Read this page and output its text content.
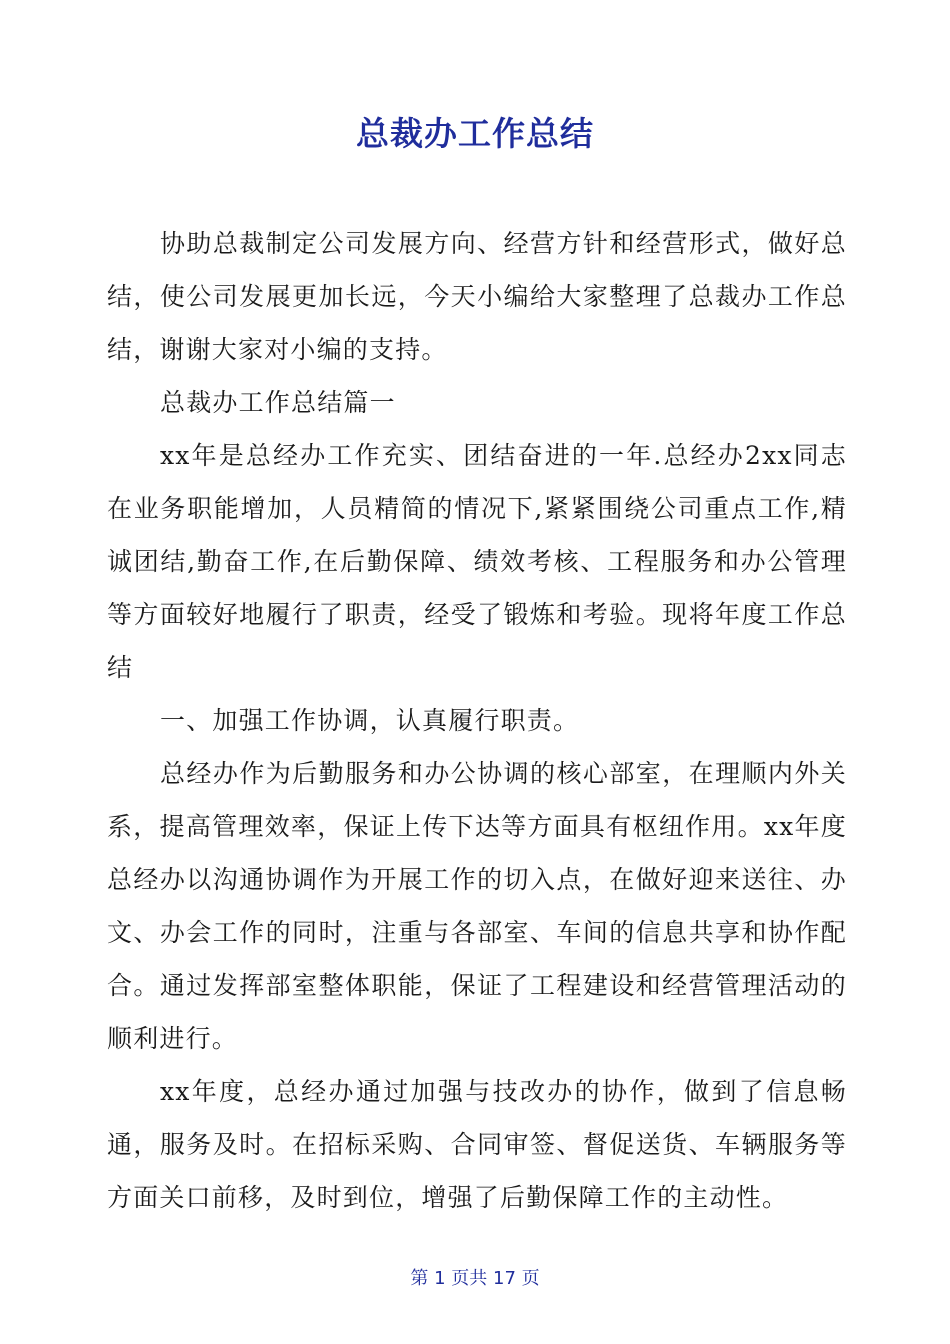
总裁办工作总结

协助总裁制定公司发展方向、经营方针和经营形式，做好总结，使公司发展更加长远，今天小编给大家整理了总裁办工作总结，谢谢大家对小编的支持。

总裁办工作总结篇一

xx年是总经办工作充实、团结奋进的一年.总经办2xx同志在业务职能增加，人员精简的情况下,紧紧围绕公司重点工作,精诚团结,勤奋工作,在后勤保障、绩效考核、工程服务和办公管理等方面较好地履行了职责，经受了锻炼和考验。现将年度工作总结

一、加强工作协调，认真履行职责。

总经办作为后勤服务和办公协调的核心部室，在理顺内外关系，提高管理效率，保证上传下达等方面具有枢纽作用。xx年度总经办以沟通协调作为开展工作的切入点，在做好迎来送往、办文、办会工作的同时，注重与各部室、车间的信息共享和协作配合。通过发挥部室整体职能，保证了工程建设和经营管理活动的顺利进行。

xx年度，总经办通过加强与技改办的协作，做到了信息畅通，服务及时。在招标采购、合同审签、督促送货、车辆服务等方面关口前移，及时到位，增强了后勤保障工作的主动性。

第 1 页共 17 页
